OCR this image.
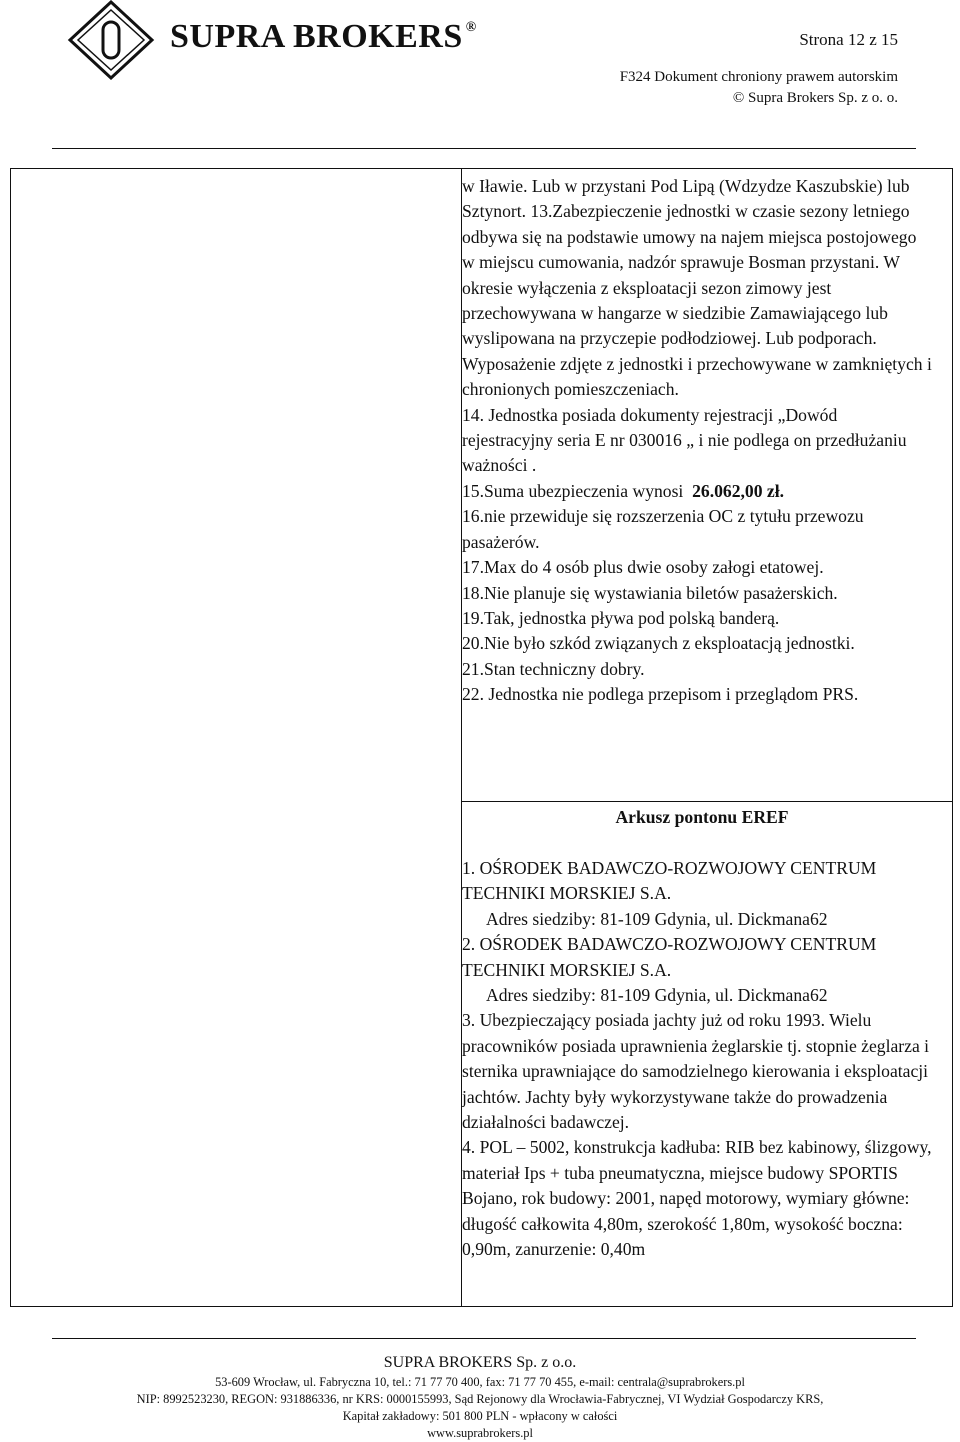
SUPRA BROKERS ®
Strona 12 z 15
F324 Dokument chroniony prawem autorskim
© Supra Brokers Sp. z o. o.

w Iławie. Lub w przystani Pod Lipą (Wdzydze Kaszubskie) lub Sztynort. 13.Zabezpieczenie jednostki w czasie sezony letniego odbywa się na podstawie umowy na najem miejsca postojowego w miejscu cumowania, nadzór sprawuje Bosman przystani. W okresie wyłączenia z eksploatacji sezon zimowy jest przechowywana w hangarze w siedzibie Zamawiającego lub wyslipowana na przyczepie podłodziowej. Lub podporach. Wyposażenie zdjęte z jednostki i przechowywane w zamkniętych i chronionych pomieszczeniach.

14. Jednostka posiada dokumenty rejestracji „Dowód rejestracyjny seria E nr 030016 „ i nie podlega on przedłużaniu ważności .

15.Suma ubezpieczenia wynosi 26.062,00 zł.

16.nie przewiduje się rozszerzenia OC z tytułu przewozu pasażerów.

17.Max do 4 osób plus dwie osoby załogi etatowej.

18.Nie planuje się wystawiania biletów pasażerskich.

19.Tak, jednostka pływa pod polską banderą.

20.Nie było szkód związanych z eksploatacją jednostki.

21.Stan techniczny dobry.

22. Jednostka nie podlega przepisom i przeglądom PRS.

Arkusz pontonu EREF

1. OŚRODEK BADAWCZO-ROZWOJOWY CENTRUM TECHNIKI MORSKIEJ S.A.

Adres siedziby: 81-109 Gdynia, ul. Dickmana62

2. OŚRODEK BADAWCZO-ROZWOJOWY CENTRUM TECHNIKI MORSKIEJ S.A.

Adres siedziby: 81-109 Gdynia, ul. Dickmana62

3. Ubezpieczający posiada jachty już od roku 1993. Wielu pracowników posiada uprawnienia żeglarskie tj. stopnie żeglarza i sternika uprawniające do samodzielnego kierowania i eksploatacji jachtów. Jachty były wykorzystywane także do prowadzenia działalności badawczej.

4. POL – 5002, konstrukcja kadłuba: RIB bez kabinowy, ślizgowy, materiał Ips + tuba pneumatyczna, miejsce budowy SPORTIS Bojano, rok budowy: 2001, napęd motorowy, wymiary główne: długość całkowita 4,80m, szerokość 1,80m, wysokość boczna: 0,90m, zanurzenie: 0,40m

SUPRA BROKERS Sp. z o.o.
53-609 Wrocław, ul. Fabryczna 10, tel.: 71 77 70 400, fax: 71 77 70 455, e-mail: centrala@suprabrokers.pl
NIP: 8992523230, REGON: 931886336, nr KRS: 0000155993, Sąd Rejonowy dla Wrocławia-Fabrycznej, VI Wydział Gospodarczy KRS,
Kapitał zakładowy: 501 800 PLN - wpłacony w całości
www.suprabrokers.pl
